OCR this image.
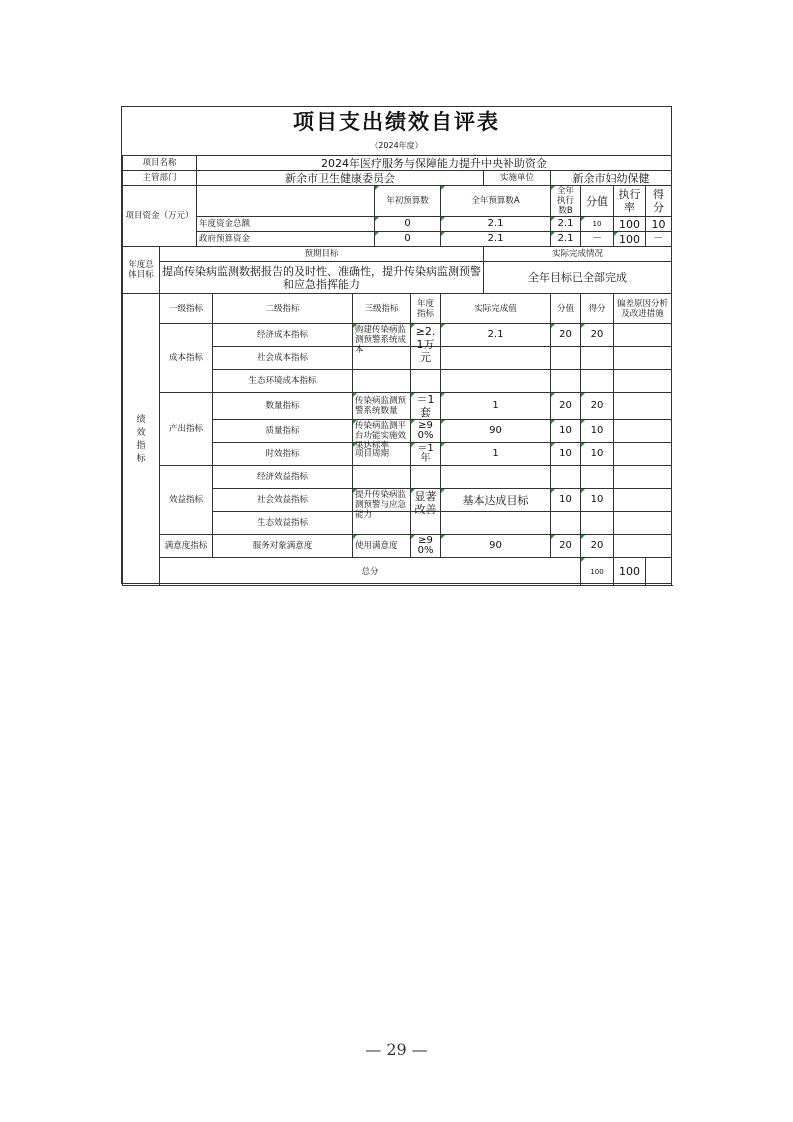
项目支出绩效自评表
（2024年度）
项目名称		2024年医疗服务与保障能力提升中央补助资金										
主管部门		新余市卫生健康委员会						实施单位	新余市妇幼保健			
项目资金（万元）					年初预算数		全年预算数A		全年执行数B	分值	执行率	得分
		年度资金总额			0		2.1		2.1	10	100	10
		政府预算资金			0		2.1		2.1	－	100	－
年度总体目标	预期目标							实际完成情况				
	提高传染病监测数据报告的及时性、准确性，提升传染病监测预警和应急指挥能力							全年目标已全部完成				
绩效指标	一级指标		二级指标	三级指标		年度指标	实际完成值		分值	得分	偏差原因分析及改进措施	
	成本指标		经济成本指标	购建传染病监测预警系统成本		≥2.1万元	2.1		20	20		
			社会成本指标									
			生态环境成本指标									
	产出指标		数量指标	传染病监测预警系统数量		＝1套	1		20	20		
			质量指标	传染病监测平台功能实施效果达标率		≥90%	90		10	10		
			时效指标	项目周期		＝1年	1		10	10		
	效益指标		经济效益指标									
			社会效益指标	提升传染病监测预警与应急能力		显著改善	基本达成目标		10	10		
			生态效益指标									
	满意度指标		服务对象满意度	使用满意度		≥90%	90		20	20		
	总分									100	100	
— 29 —
